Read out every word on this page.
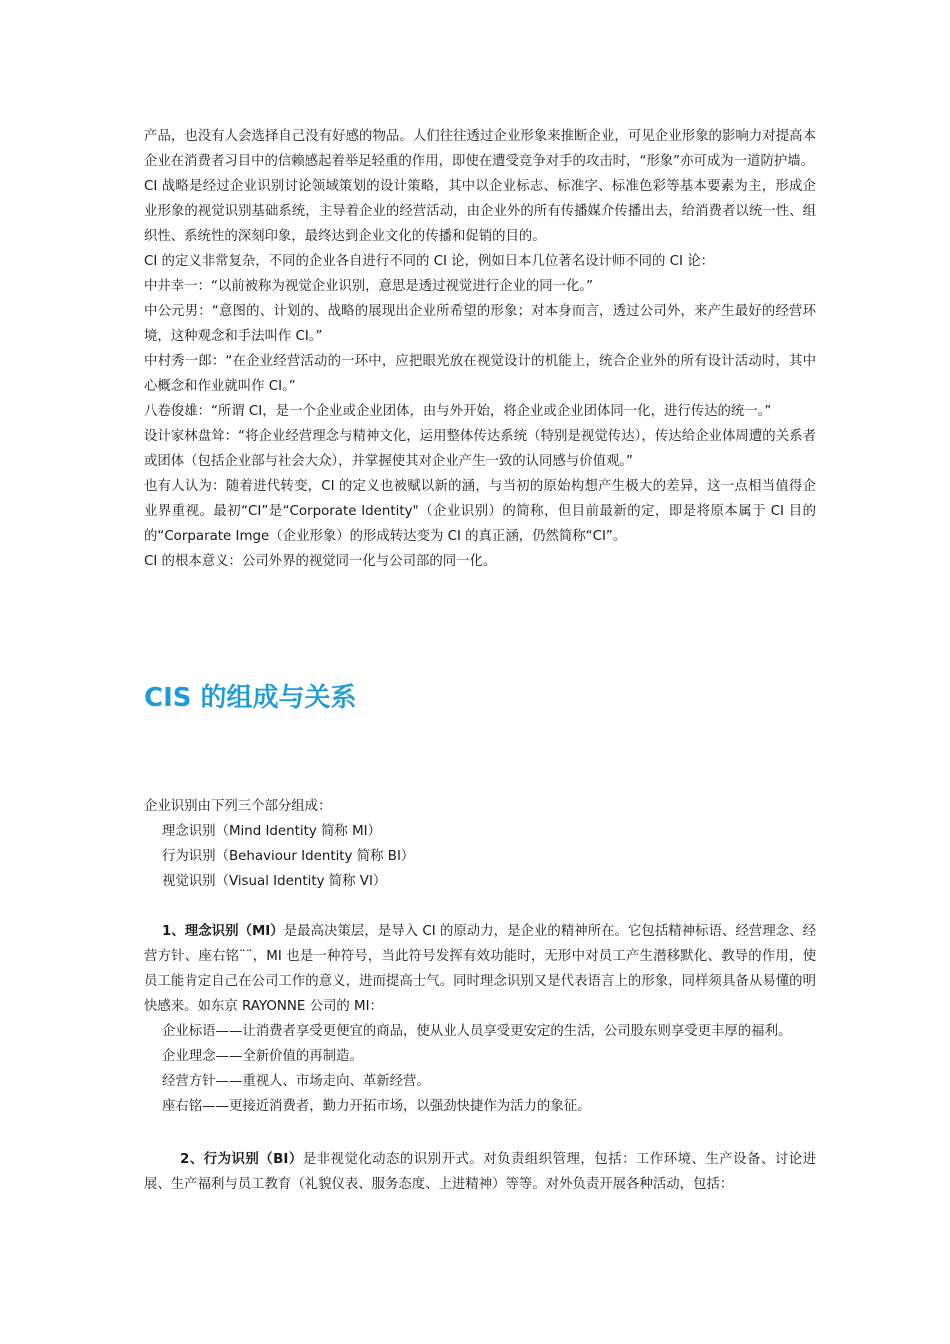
产品，也没有人会选择自己没有好感的物品。人们往往透过企业形象来推断企业，可见企业形象的影响力对提高本企业在消费者习目中的信赖感起着举足轻重的作用，即使在遭受竞争对手的攻击时，“形象”亦可成为一道防护墙。

CI 战略是经过企业识别讨论领域策划的设计策略，其中以企业标志、标准字、标准色彩等基本要素为主，形成企业形象的视觉识别基础系统，主导着企业的经营活动，由企业外的所有传播媒介传播出去，给消费者以统一性、组织性、系统性的深刻印象，最终达到企业文化的传播和促销的目的。

CI 的定义非常复杂，不同的企业各自进行不同的 CI 论，例如日本几位著名设计师不同的 CI 论：

中井幸一：“以前被称为视觉企业识别，意思是透过视觉进行企业的同一化。”

中公元男：“意图的、计划的、战略的展现出企业所希望的形象；对本身而言，透过公司外，来产生最好的经营环境，这种观念和手法叫作 CI。”

中村秀一郎：“在企业经营活动的一环中，应把眼光放在视觉设计的机能上，统合企业外的所有设计活动时，其中心概念和作业就叫作 CI。”

八卷俊雄：“所谓 CI，是一个企业或企业团体，由与外开始，将企业或企业团体同一化，进行传达的统一。”

设计家林盘耸：“将企业经营理念与精神文化，运用整体传达系统（特别是视觉传达），传达给企业体周遭的关系者或团体（包括企业部与社会大众），并掌握使其对企业产生一致的认同感与价值观。”

也有人认为：随着进代转变，CI 的定义也被赋以新的涵，与当初的原始构想产生极大的差异，这一点相当值得企业界重视。最初“CI”是“Corporate Identity"（企业识别）的简称，但目前最新的定，即是将原本属于 CI 目的的“Corparate Imge（企业形象）的形成转达变为 CI 的真正涵，仍然简称“CI”。

CI 的根本意义：公司外界的视觉同一化与公司部的同一化。

CIS 的组成与关系

企业识别由下列三个部分组成：

理念识别（Mind Identity 简称 MI）

行为识别（Behaviour Identity 简称 BI）

视觉识别（Visual Identity 简称 VI）

1、理念识别（MI）是最高决策层，是导入 CI 的原动力，是企业的精神所在。它包括精神标语、经营理念、经营方针、座右铭¨¨，MI 也是一种符号，当此符号发挥有效功能时，无形中对员工产生潜移默化、教导的作用，使员工能肯定自己在公司工作的意义，进而提高士气。同时理念识别又是代表语言上的形象，同样须具备从易懂的明快感来。如东京 RAYONNE 公司的 MI：

企业标语——让消费者享受更便宜的商品，使从业人员享受更安定的生活，公司股东则享受更丰厚的福利。

企业理念——全新价值的再制造。

经营方针——重视人、市场走向、革新经营。

座右铭——更接近消费者，勤力开拓市场，以强劲快捷作为活力的象征。

2、行为识别（BI）是非视觉化动态的识别开式。对负责组织管理，包括：工作环境、生产设备、讨论进展、生产福利与员工教育（礼貌仪表、服务态度、上进精神）等等。对外负责开展各种活动，包括：
